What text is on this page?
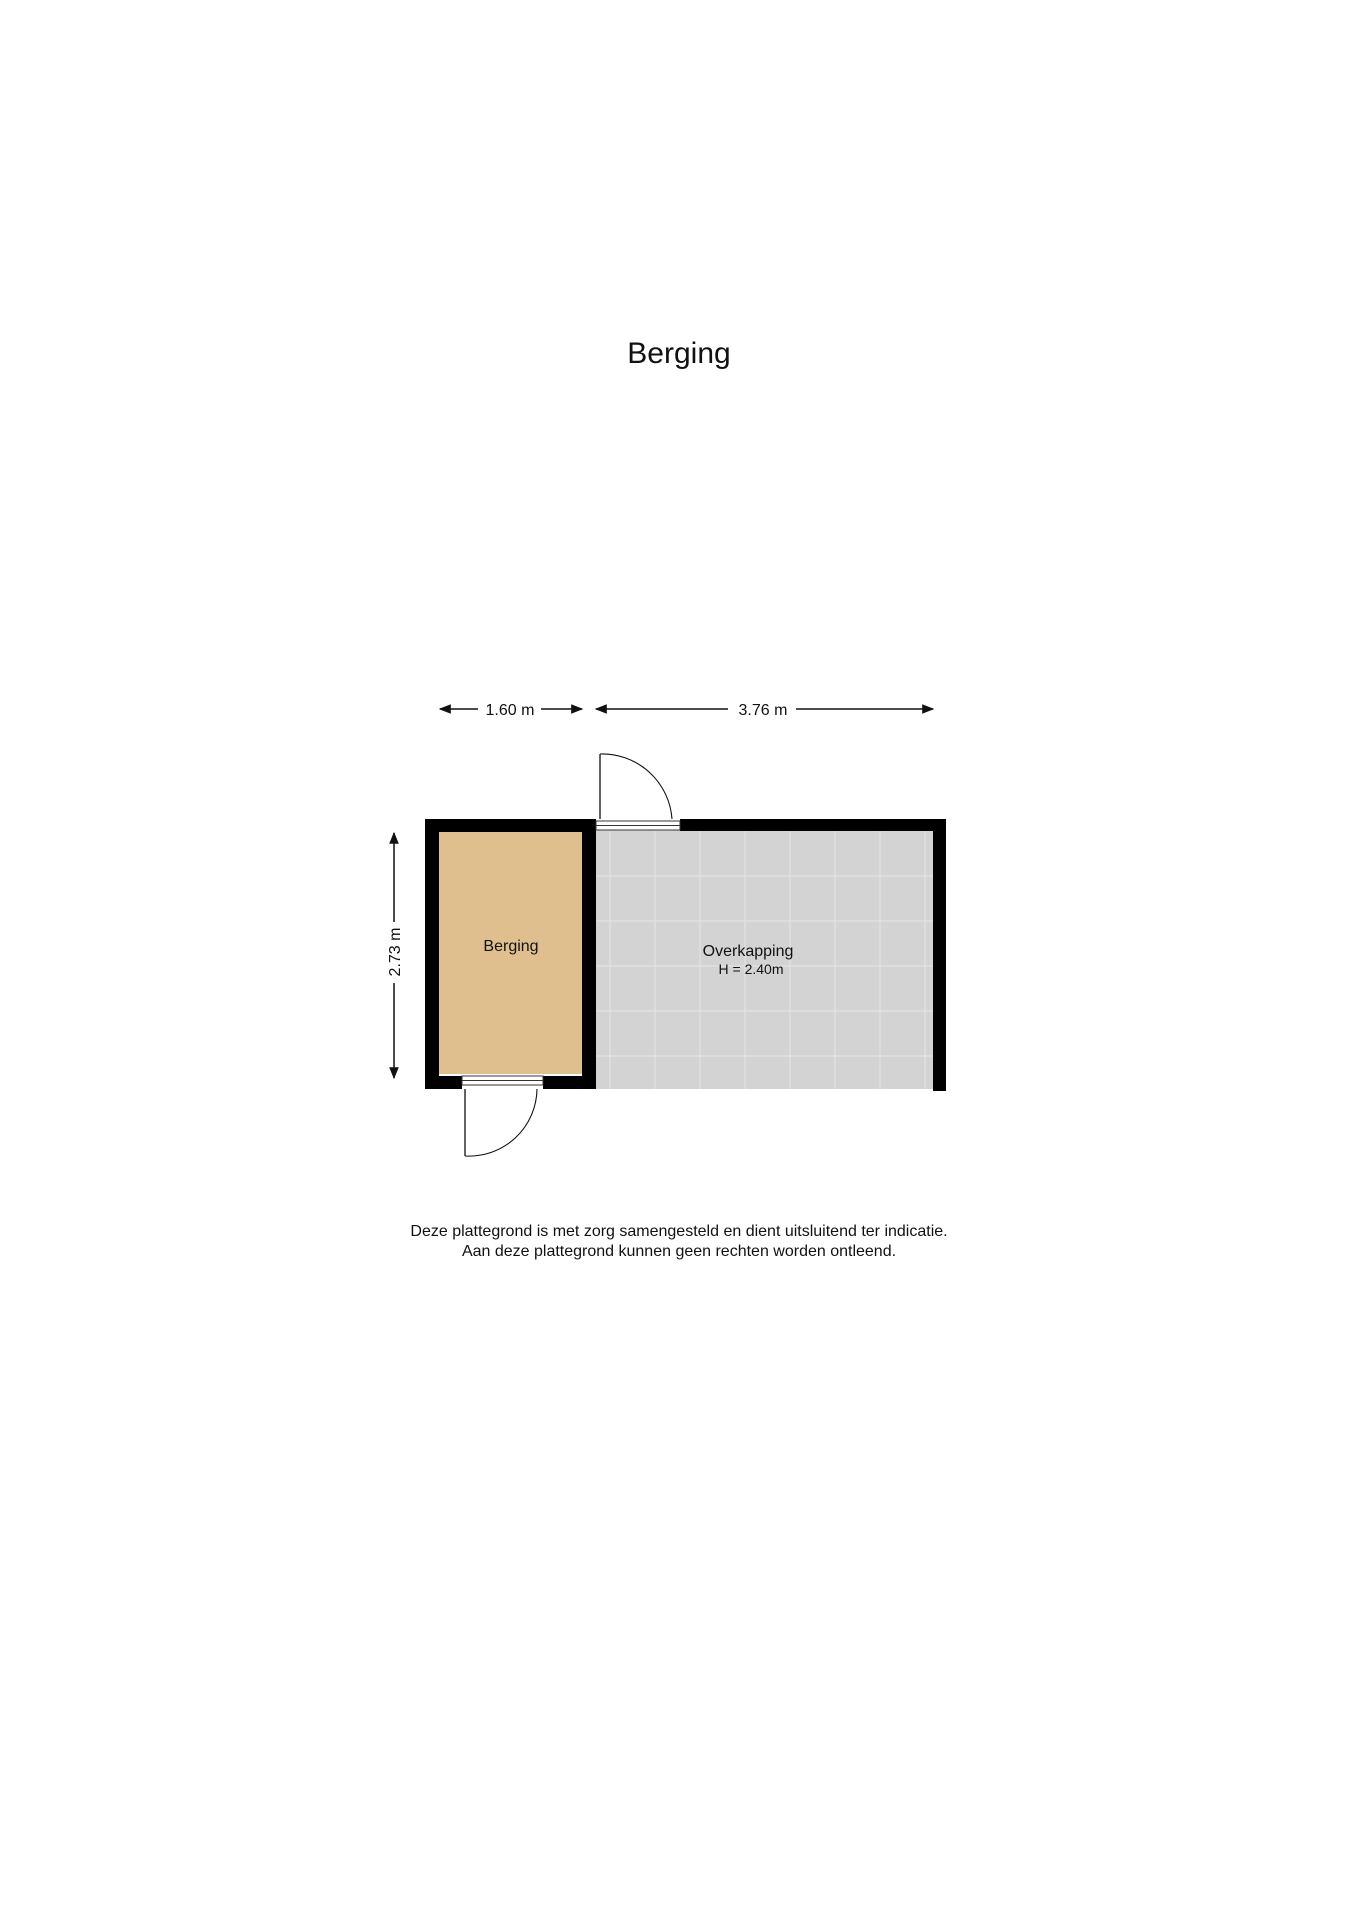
Berging
1.60 m	3.76 m
2.73 m	Berging	Overkapping
H = 2.40m
Deze plattegrond is met zorg samengesteld en dient uitsluitend ter indicatie.
Aan deze plattegrond kunnen geen rechten worden ontleend.
